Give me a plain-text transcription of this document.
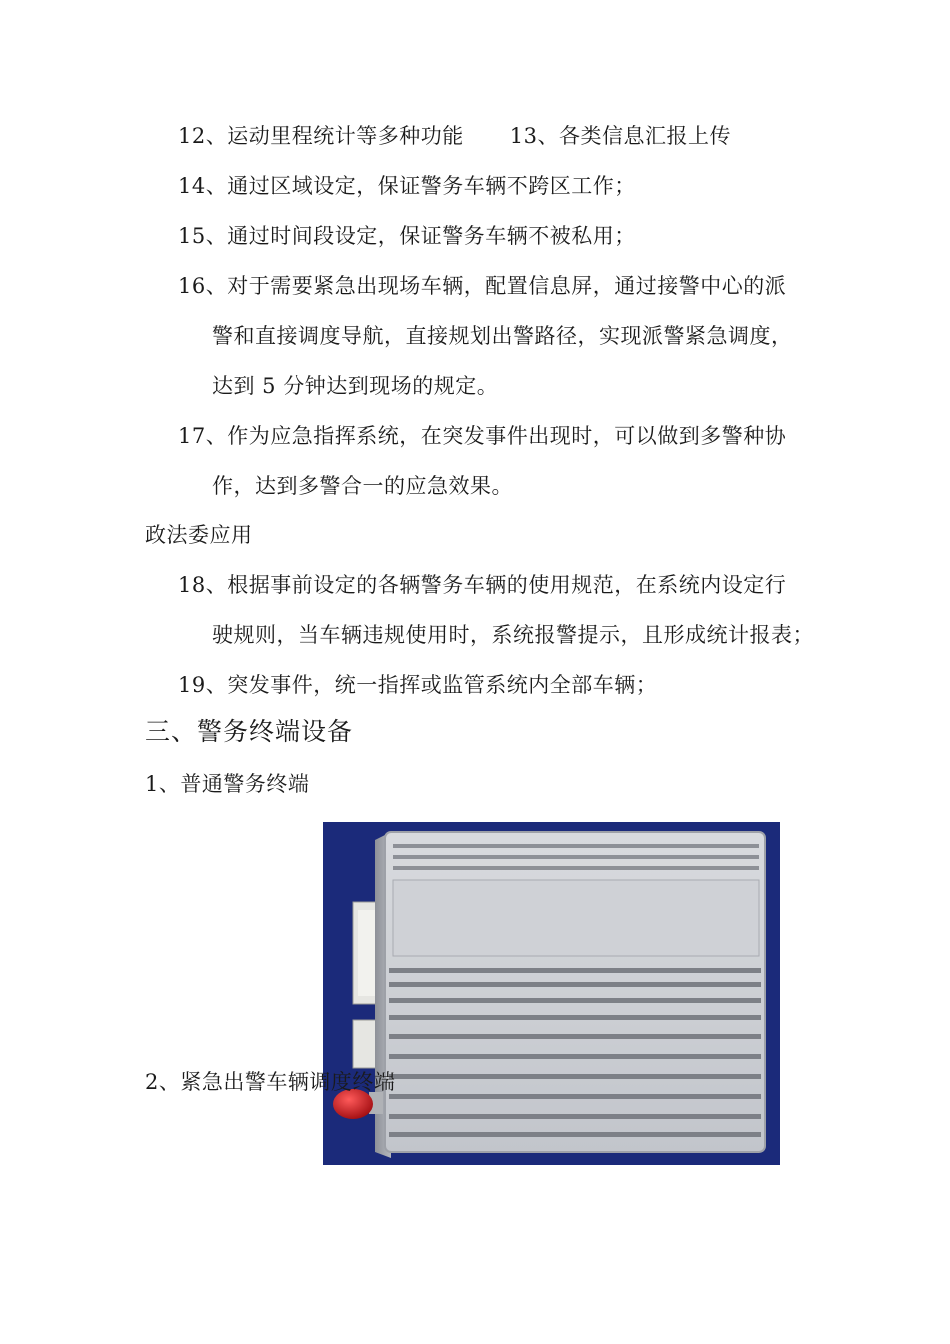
12、运动里程统计等多种功能 13、各类信息汇报上传
14、通过区域设定，保证警务车辆不跨区工作；
15、通过时间段设定，保证警务车辆不被私用；
16、对于需要紧急出现场车辆，配置信息屏，通过接警中心的派
警和直接调度导航，直接规划出警路径，实现派警紧急调度，
达到 5 分钟达到现场的规定。
17、作为应急指挥系统，在突发事件出现时，可以做到多警种协
作，达到多警合一的应急效果。
政法委应用
18、根据事前设定的各辆警务车辆的使用规范，在系统内设定行
驶规则，当车辆违规使用时，系统报警提示，且形成统计报表；
19、突发事件，统一指挥或监管系统内全部车辆；
三、警务终端设备
1、普通警务终端
2、紧急出警车辆调度终端
